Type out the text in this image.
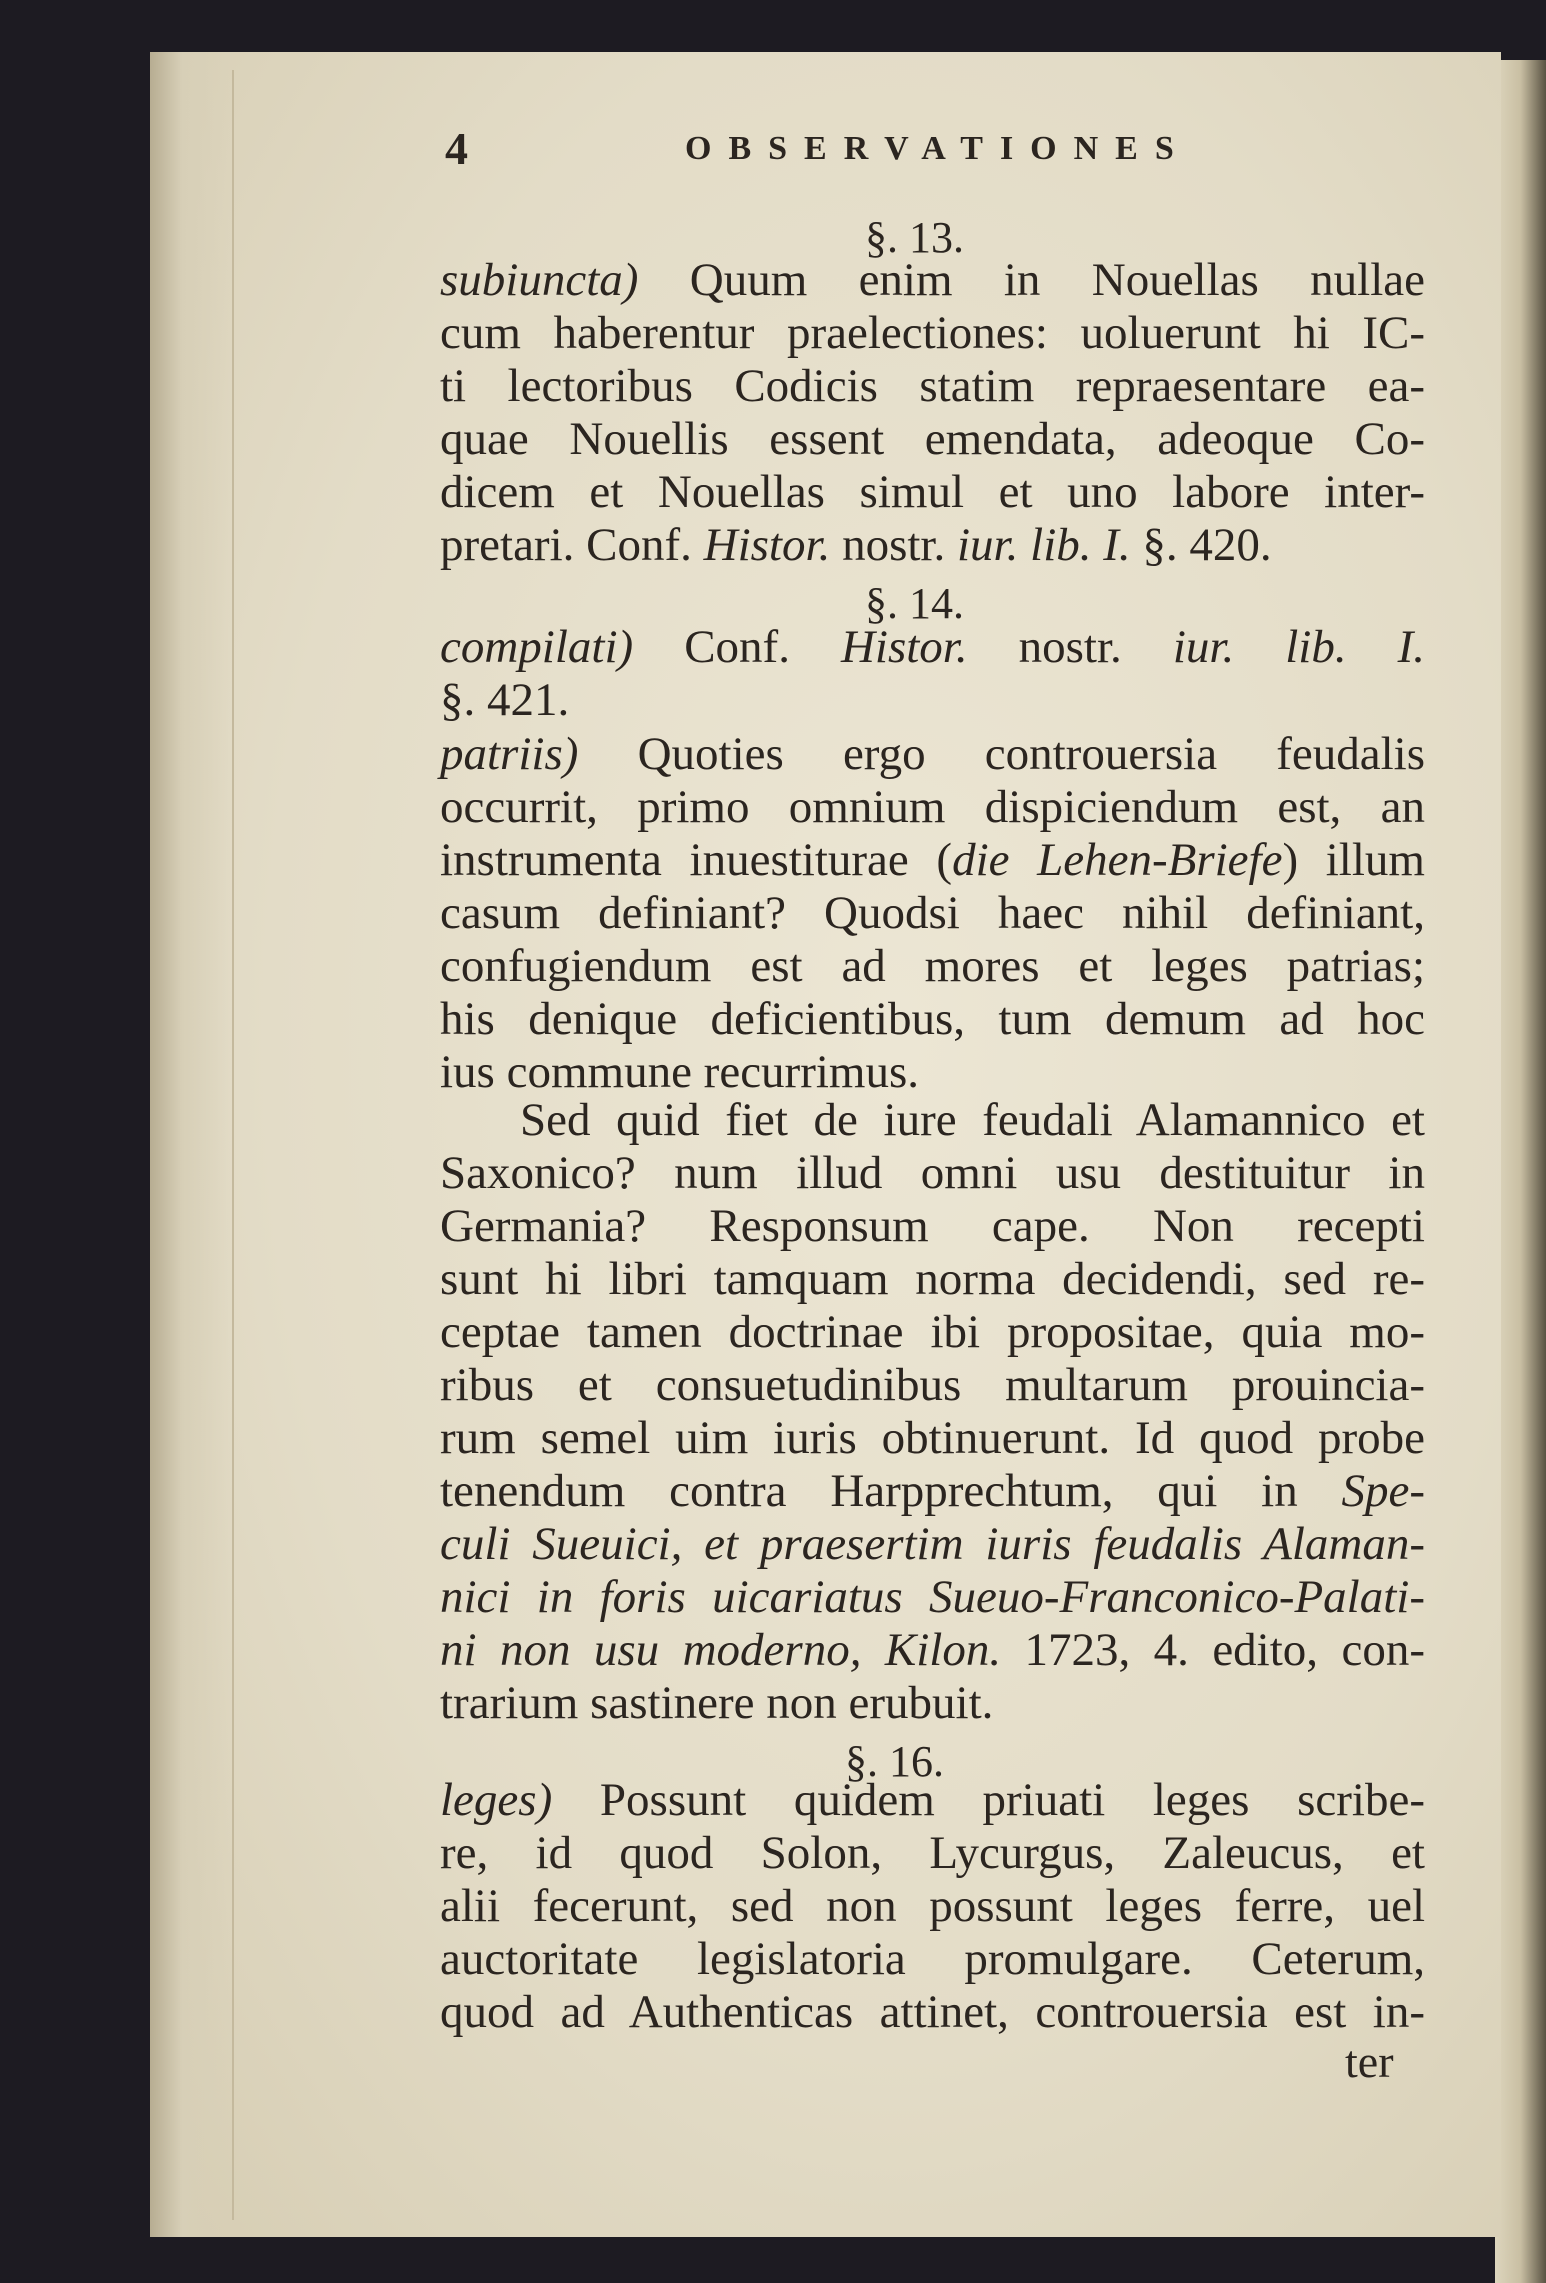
4	OBSERVATIONES
§. 13.
subiuncta) Quum enim in Nouellas nullae
cum haberentur praelectiones: uoluerunt hi IC-
ti lectoribus Codicis statim repraesentare ea-
quae Nouellis essent emendata, adeoque Co-
dicem et Nouellas simul et uno labore inter-
pretari. Conf. Histor. nostr. iur. lib. I. §. 420.
§. 14.
compilati) Conf. Histor. nostr. iur. lib. I.
§. 421.
patriis) Quoties ergo controuersia feudalis
occurrit, primo omnium dispiciendum est, an
instrumenta inuestiturae (die Lehen-Briefe) illum
casum definiant? Quodsi haec nihil definiant,
confugiendum est ad mores et leges patrias;
his denique deficientibus, tum demum ad hoc
ius commune recurrimus.
Sed quid fiet de iure feudali Alamannico et
Saxonico? num illud omni usu destituitur in
Germania? Responsum cape. Non recepti
sunt hi libri tamquam norma decidendi, sed re-
ceptae tamen doctrinae ibi propositae, quia mo-
ribus et consuetudinibus multarum prouincia-
rum semel uim iuris obtinuerunt. Id quod probe
tenendum contra Harpprechtum, qui in Spe-
culi Sueuici, et praesertim iuris feudalis Alaman-
nici in foris uicariatus Sueuo-Franconico-Palati-
ni non usu moderno, Kilon. 1723, 4. edito, con-
trarium sastinere non erubuit.
§. 16.
leges) Possunt quidem priuati leges scribe-
re, id quod Solon, Lycurgus, Zaleucus, et
alii fecerunt, sed non possunt leges ferre, uel
auctoritate legislatoria promulgare. Ceterum,
quod ad Authenticas attinet, controuersia est in-
ter
